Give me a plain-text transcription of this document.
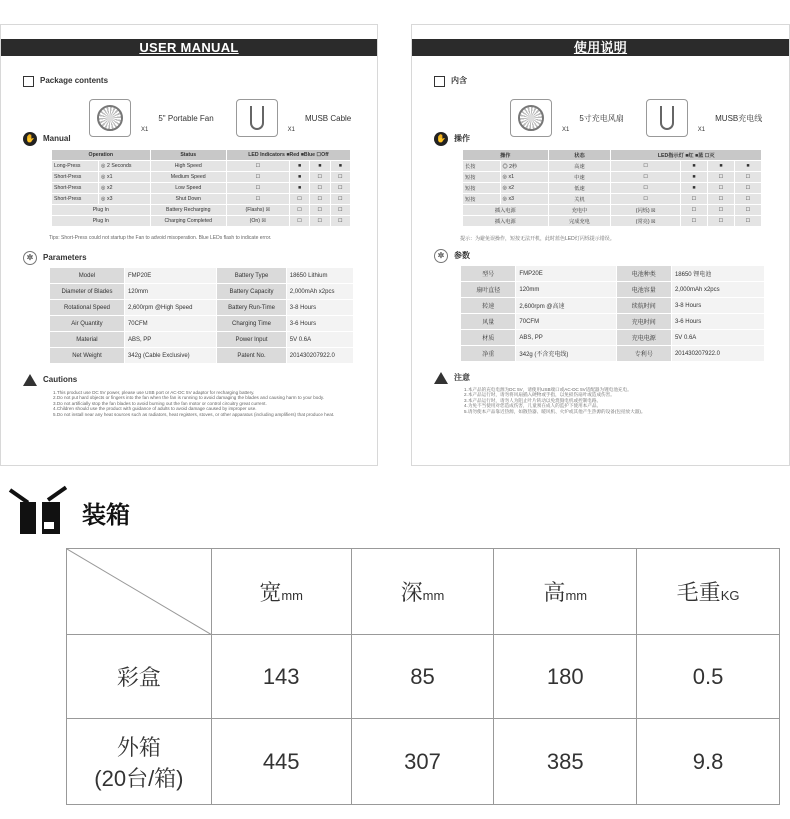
USER MANUAL
Package contents
X1
5" Portable Fan
X1
MUSB Cable
✋ Manual
Operation		Status	LED Indicators ■Red ■Blue ☐Off			
Long-Press	◎ 2 Seconds	High Speed	☐	■	■	■
Short-Press	◎ x1	Medium Speed	☐	■	☐	☐
Short-Press	◎ x2	Low Speed	☐	■	☐	☐
Short-Press	◎ x3	Shut Down	☐	☐	☐	☐
Plug In		Battery Recharging	(Flashs) ☒	☐	☐	☐
Plug In		Charging Completed	(On) ☒	☐	☐	☐
Tips: Short-Press could not startup the Fan to advoid misoperation. Blue LEDs flash to indicate error.
✲	Parameters
Model	FMP20E	Battery Type	18650 Lithium
Diameter of Blades	120mm	Battery Capacity	2,000mAh x2pcs
Rotational Speed	2,600rpm @High Speed	Battery Run-Time	3-8 Hours
Air Quantity	70CFM	Charging Time	3-6 Hours
Material	ABS, PP	Power Input	5V 0.6A
Net Weight	342g (Cable Exclusive)	Patent No.	201430207922.0
Cautions
1.This product use DC 5V power, please use USB port or AC-DC 5V adaptor for recharging battery.
2.Do not put hard objects or fingers into the fan when the fan is running to avoid damaging the blades and causing harm to your body.
3.Do not artificially stop the fan blades to avoid burning out the fan motor or control circuitry great current.
4.Children should use the product with guidance of adults to avoid damage caused by improper use.
5.Do not install near any heat sources such as radiators, heat registers, stoves, or other apparatus (including amplifiers) that produce heat.
使用说明
内含
X1
5寸充电风扇
X1
MUSB充电线
✋ 操作
操作		状态	LED指示灯 ■红 ■蓝 ☐灭			
长按	◎ 2秒	高速	☐	■	■	■
短按	◎ x1	中速	☐	■	☐	☐
短按	◎ x2	低速	☐	■	☐	☐
短按	◎ x3	关机	☐	☐	☐	☐
插入电源		充电中	(闪烁) ☒	☐	☐	☐
插入电源		完成充电	(常亮) ☒	☐	☐	☐
提示：为避免误操作，短按无法开机，此时蓝色LED灯闪烁提示错误。
✲	参数
型号	FMP20E	电池种类	18650 锂电池
扇叶直径	120mm	电池容量	2,000mAh x2pcs
转速	2,600rpm @高速	续航时间	3-8 Hours
风量	70CFM	充电时间	3-6 Hours
材质	ABS, PP	充电电源	5V 0.6A
净重	342g (不含充电线)	专利号	201430207922.0
注意
1.本产品的充电电源为DC 5V，请使用USB端口或AC-DC 5V适配器为锂电池充电。
2.本产品运行时，请勿将风扇插入硬物或手指，以免损伤扇叶或造成伤害。
3.本产品运行时，请勿人为阻止叶片转动以免烧毁电机或控制电路。
4.为免不当使用对您造成伤害，儿童须在成人的监护下使用本产品。
5.请勿使本产品靠近热源，如散热器、暖风机、火炉或其他产生热源的设备(包括放大器)。
装箱
	宽mm	深mm	高mm	毛重KG
彩盒	143	85	180	0.5

外箱
(20台/箱)	445	307	385	9.8
